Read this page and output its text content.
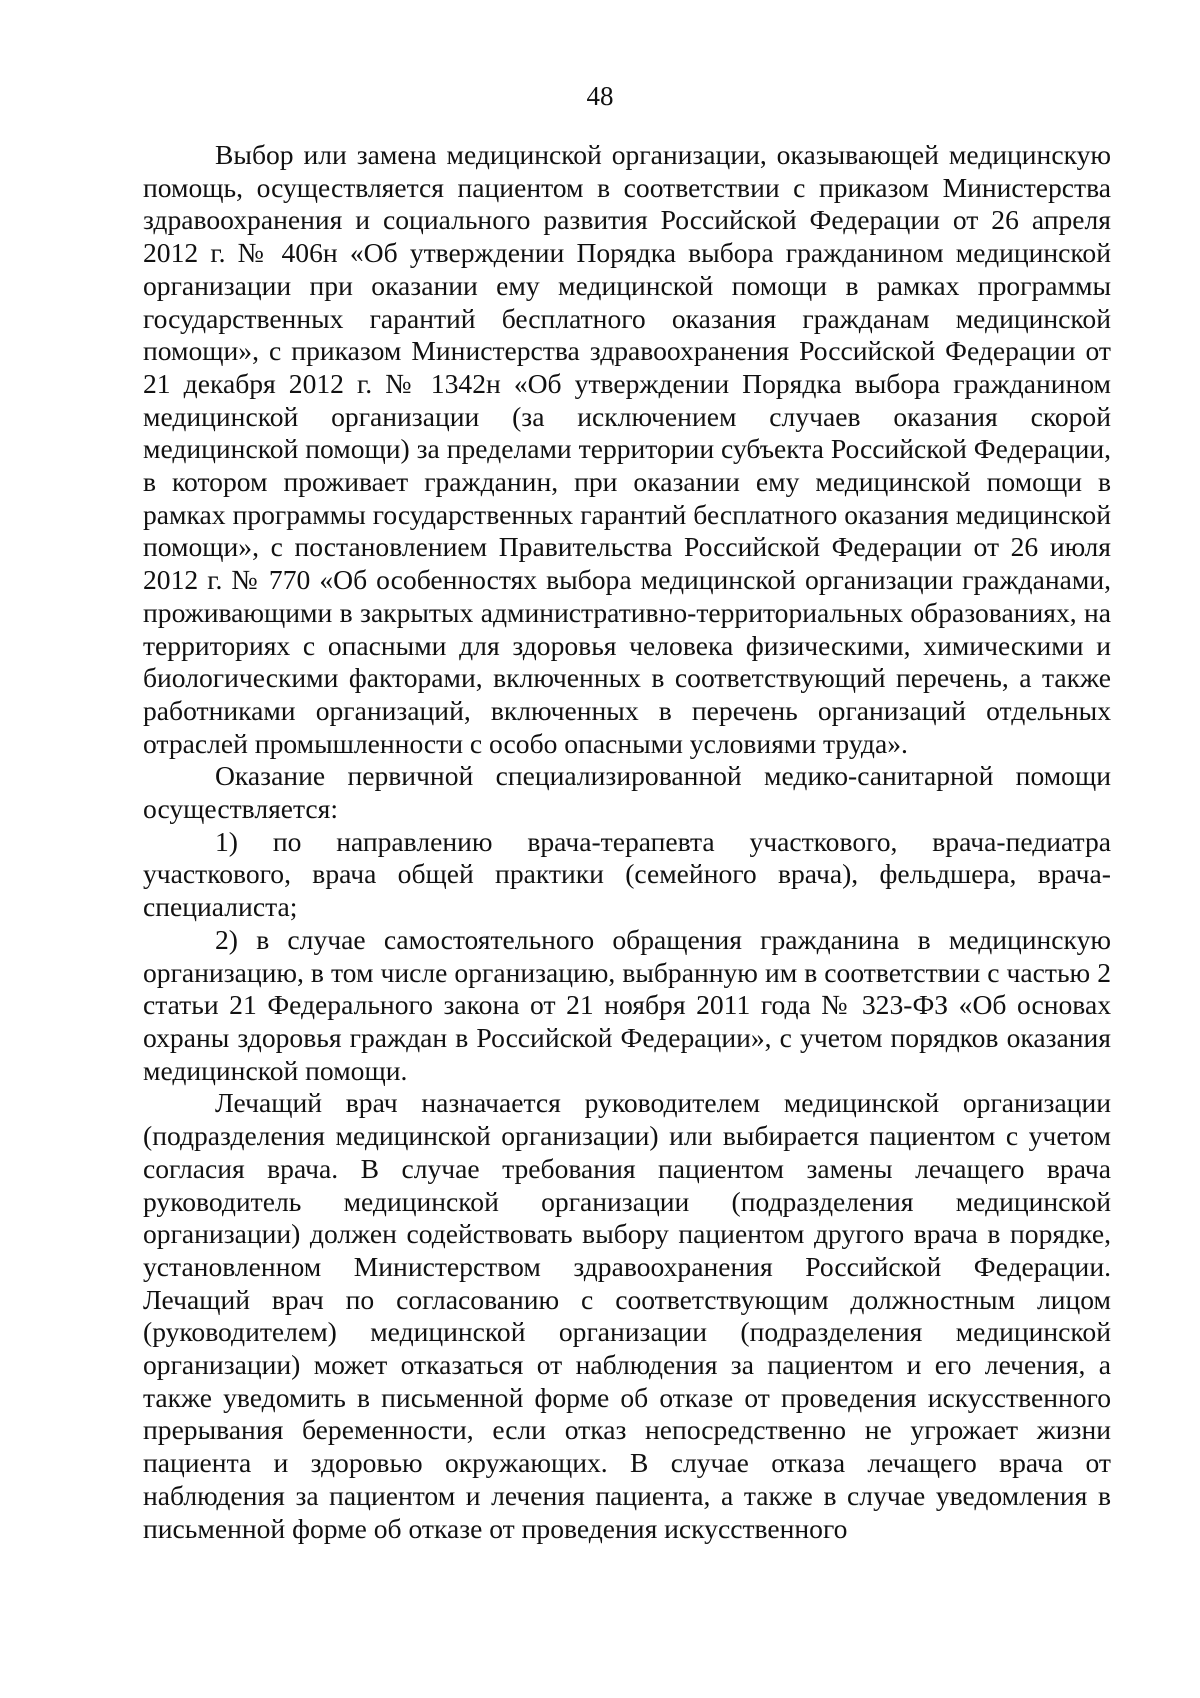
48

Выбор или замена медицинской организации, оказывающей медицинскую помощь, осуществляется пациентом в соответствии с приказом Министерства здравоохранения и социального развития Российской Федерации от 26 апреля 2012 г. № 406н «Об утверждении Порядка выбора гражданином медицинской организации при оказании ему медицинской помощи в рамках программы государственных гарантий бесплатного оказания гражданам медицинской помощи», с приказом Министерства здравоохранения Российской Федерации от 21 декабря 2012 г. № 1342н «Об утверждении Порядка выбора гражданином медицинской организации (за исключением случаев оказания скорой медицинской помощи) за пределами территории субъекта Российской Федерации, в котором проживает гражданин, при оказании ему медицинской помощи в рамках программы государственных гарантий бесплатного оказания медицинской помощи», с постановлением Правительства Российской Федерации от 26 июля 2012 г. № 770 «Об особенностях выбора медицинской организации гражданами, проживающими в закрытых административно-территориальных образованиях, на территориях с опасными для здоровья человека физическими, химическими и биологическими факторами, включенных в соответствующий перечень, а также работниками организаций, включенных в перечень организаций отдельных отраслей промышленности с особо опасными условиями труда».

Оказание первичной специализированной медико-санитарной помощи осуществляется:

1) по направлению врача-терапевта участкового, врача-педиатра участкового, врача общей практики (семейного врача), фельдшера, врача-специалиста;

2) в случае самостоятельного обращения гражданина в медицинскую организацию, в том числе организацию, выбранную им в соответствии с частью 2 статьи 21 Федерального закона от 21 ноября 2011 года № 323-ФЗ «Об основах охраны здоровья граждан в Российской Федерации», с учетом порядков оказания медицинской помощи.

Лечащий врач назначается руководителем медицинской организации (подразделения медицинской организации) или выбирается пациентом с учетом согласия врача. В случае требования пациентом замены лечащего врача руководитель медицинской организации (подразделения медицинской организации) должен содействовать выбору пациентом другого врача в порядке, установленном Министерством здравоохранения Российской Федерации. Лечащий врач по согласованию с соответствующим должностным лицом (руководителем) медицинской организации (подразделения медицинской организации) может отказаться от наблюдения за пациентом и его лечения, а также уведомить в письменной форме об отказе от проведения искусственного прерывания беременности, если отказ непосредственно не угрожает жизни пациента и здоровью окружающих. В случае отказа лечащего врача от наблюдения за пациентом и лечения пациента, а также в случае уведомления в письменной форме об отказе от проведения искусственного
